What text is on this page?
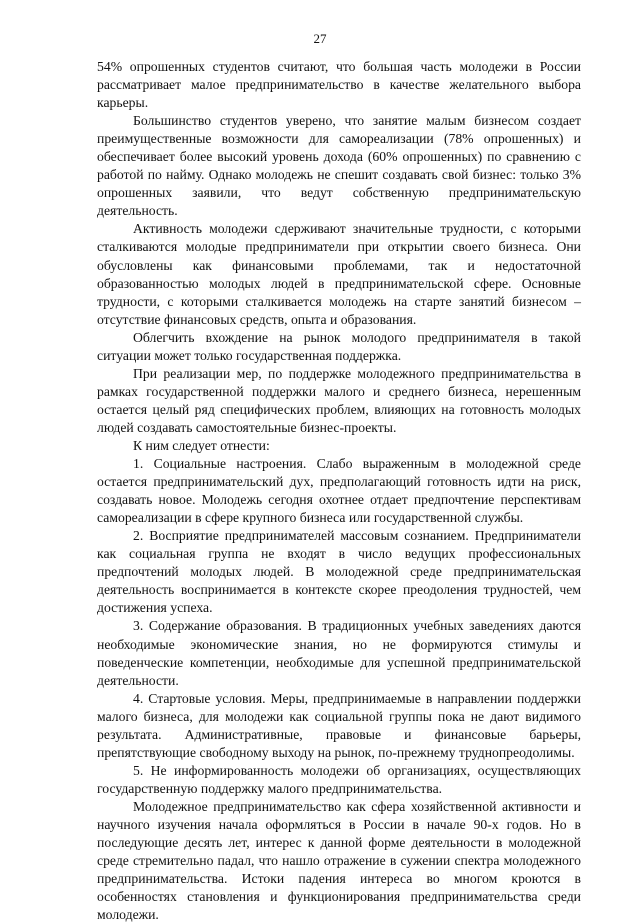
27

54% опрошенных студентов считают, что большая часть молодежи в России рассматривает малое предпринимательство в качестве желательного выбора карьеры.

Большинство студентов уверено, что занятие малым бизнесом создает преимущественные возможности для самореализации (78% опрошенных) и обеспечивает более высокий уровень дохода (60% опрошенных) по сравнению с работой по найму. Однако молодежь не спешит создавать свой бизнес: только 3% опрошенных заявили, что ведут собственную предпринимательскую деятельность.

Активность молодежи сдерживают значительные трудности, с которыми сталкиваются молодые предприниматели при открытии своего бизнеса. Они обусловлены как финансовыми проблемами, так и недостаточной образованностью молодых людей в предпринимательской сфере. Основные трудности, с которыми сталкивается молодежь на старте занятий бизнесом – отсутствие финансовых средств, опыта и образования.

Облегчить вхождение на рынок молодого предпринимателя в такой ситуации может только государственная поддержка.

При реализации мер, по поддержке молодежного предпринимательства в рамках государственной поддержки малого и среднего бизнеса, нерешенным остается целый ряд специфических проблем, влияющих на готовность молодых людей создавать самостоятельные бизнес-проекты.

К ним следует отнести:

1. Социальные настроения. Слабо выраженным в молодежной среде остается предпринимательский дух, предполагающий готовность идти на риск, создавать новое. Молодежь сегодня охотнее отдает предпочтение перспективам самореализации в сфере крупного бизнеса или государственной службы.

2. Восприятие предпринимателей массовым сознанием. Предприниматели как социальная группа не входят в число ведущих профессиональных предпочтений молодых людей. В молодежной среде предпринимательская деятельность воспринимается в контексте скорее преодоления трудностей, чем достижения успеха.

3. Содержание образования. В традиционных учебных заведениях даются необходимые экономические знания, но не формируются стимулы и поведенческие компетенции, необходимые для успешной предпринимательской деятельности.

4. Стартовые условия. Меры, предпринимаемые в направлении поддержки малого бизнеса, для молодежи как социальной группы пока не дают видимого результата. Административные, правовые и финансовые барьеры, препятствующие свободному выходу на рынок, по-прежнему труднопреодолимы.

5. Не информированность молодежи об организациях, осуществляющих государственную поддержку малого предпринимательства.

Молодежное предпринимательство как сфера хозяйственной активности и научного изучения начала оформляться в России в начале 90-х годов. Но в последующие десять лет, интерес к данной форме деятельности в молодежной среде стремительно падал, что нашло отражение в сужении спектра молодежного предпринимательства. Истоки падения интереса во многом кроются в особенностях становления и функционирования предпринимательства среди молодежи.
